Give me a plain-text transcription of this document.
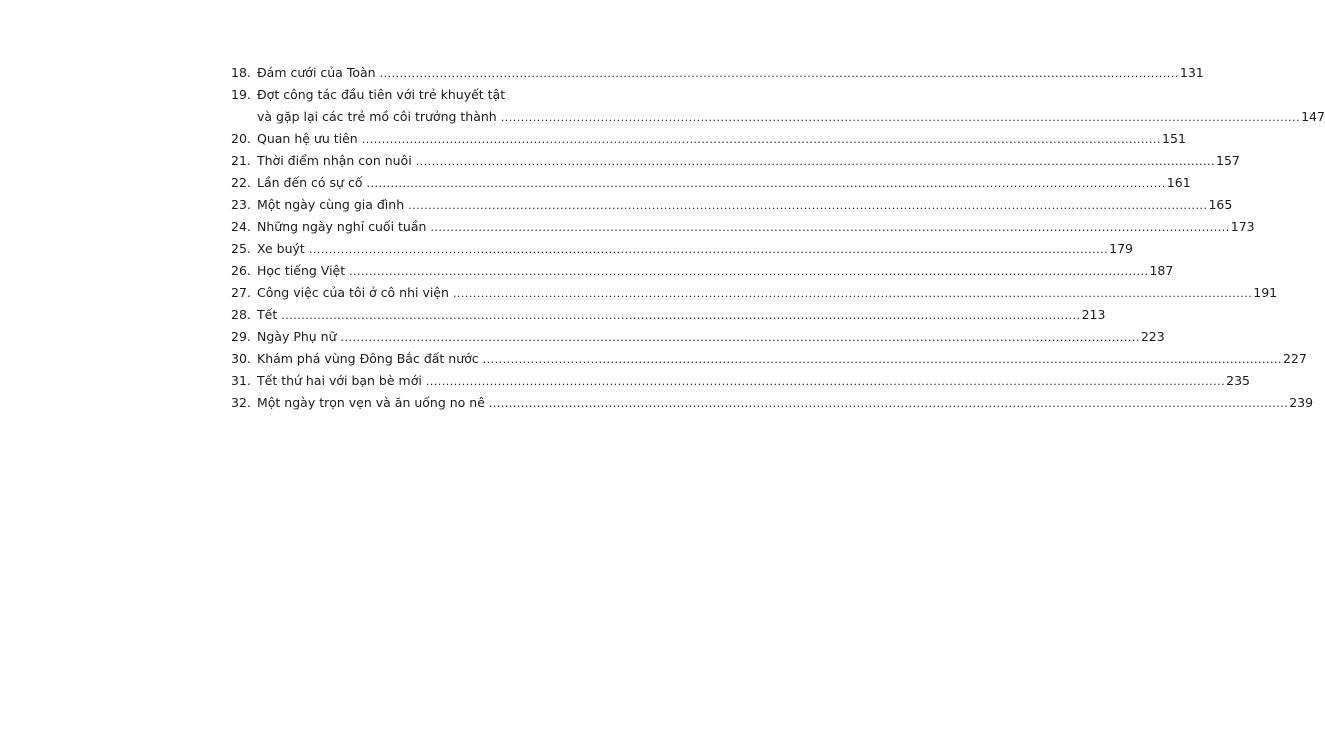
18. Đám cưới của Toàn ........................................................................................................................................................................................................ 131
19. Đợt công tác đầu tiên với trẻ khuyết tật
và gặp lại các trẻ mồ côi trưởng thành ........................................................................................................................................................................................................ 147
20. Quan hệ ưu tiên ........................................................................................................................................................................................................ 151
21. Thời điểm nhận con nuôi ........................................................................................................................................................................................................ 157
22. Lần đến có sự cố ........................................................................................................................................................................................................ 161
23. Một ngày cùng gia đình ........................................................................................................................................................................................................ 165
24. Những ngày nghỉ cuối tuần ........................................................................................................................................................................................................ 173
25. Xe buýt ........................................................................................................................................................................................................ 179
26. Học tiếng Việt ........................................................................................................................................................................................................ 187
27. Công việc của tôi ở cô nhi viện ........................................................................................................................................................................................................ 191
28. Tết ........................................................................................................................................................................................................ 213
29. Ngày Phụ nữ ........................................................................................................................................................................................................ 223
30. Khám phá vùng Đông Bắc đất nước ........................................................................................................................................................................................................ 227
31. Tết thứ hai với bạn bè mới ........................................................................................................................................................................................................ 235
32. Một ngày trọn vẹn và ăn uống no nê ........................................................................................................................................................................................................ 239
